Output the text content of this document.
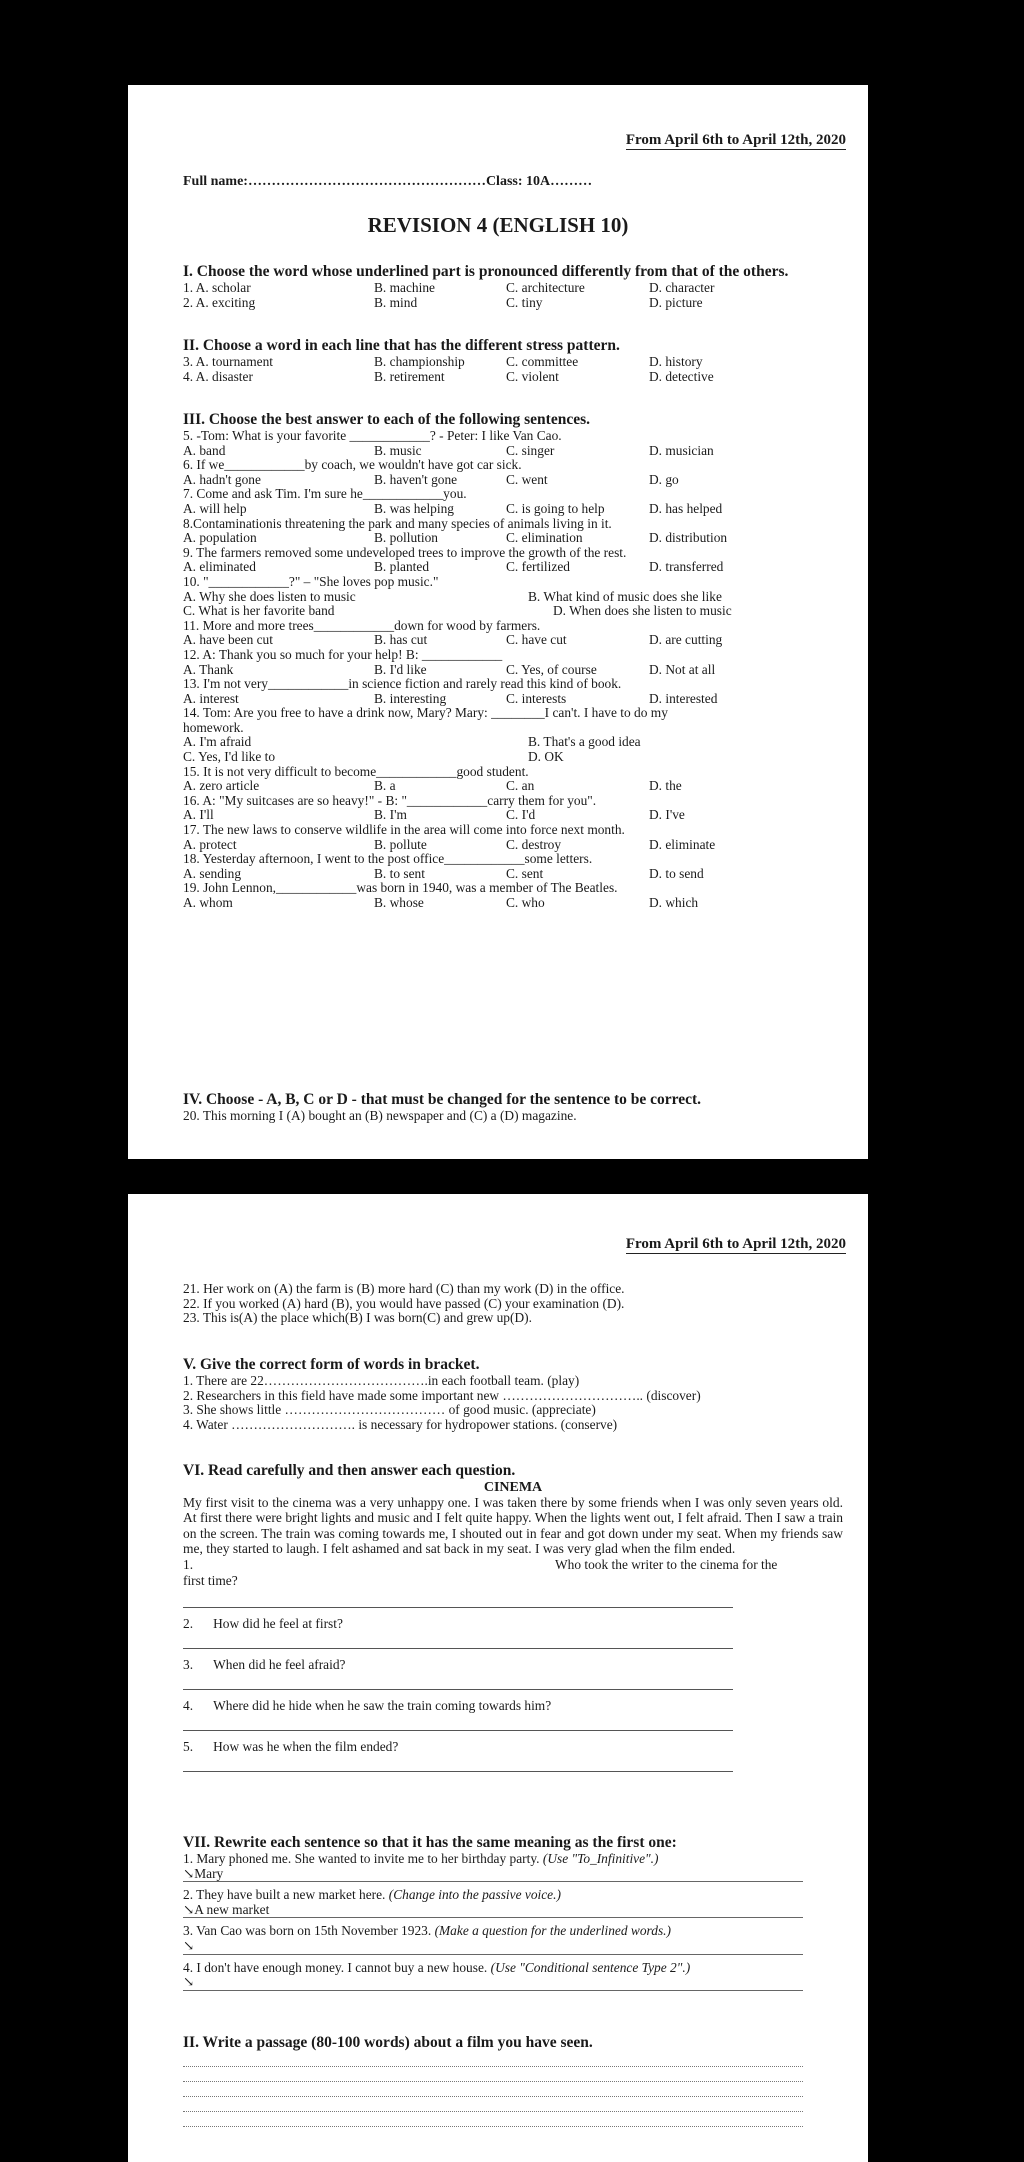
From April 6th to April 12th, 2020
Full name:……………………………………………Class: 10A………
REVISION 4 (ENGLISH 10)
I. Choose the word whose underlined part is pronounced differently from that of the others.
1. A. scholar	B. machine	C. architecture	D. character
2. A. exciting	B. mind	C. tiny	D. picture
II. Choose a word in each line that has the different stress pattern.
3. A. tournament	B. championship	C. committee	D. history
4. A. disaster	B. retirement	C. violent	D. detective
III. Choose the best answer to each of the following sentences.
5. -Tom: What is your favorite ____________? - Peter: I like Van Cao.
A. band	B. music	C. singer	D. musician
6. If we____________by coach, we wouldn't have got car sick.
A. hadn't gone	B. haven't gone	C. went	D. go
7. Come and ask Tim. I'm sure he____________you.
A. will help	B. was helping	C. is going to help	D. has helped
8.Contaminationis threatening the park and many species of animals living in it.
A. population	B. pollution	C. elimination	D. distribution
9. The farmers removed some undeveloped trees to improve the growth of the rest.
A. eliminated	B. planted	C. fertilized	D. transferred
10. "____________?" – "She loves pop music."
A. Why she does listen to music	B. What kind of music does she like
C. What is her favorite band	D. When does she listen to music
11. More and more trees____________down for wood by farmers.
A. have been cut	B. has cut	C. have cut	D. are cutting
12. A: Thank you so much for your help! B: ____________
A. Thank	B. I'd like	C. Yes, of course	D. Not at all
13. I'm not very____________in science fiction and rarely read this kind of book.
A. interest	B. interesting	C. interests	D. interested
14. Tom: Are you free to have a drink now, Mary? Mary: ________I can't. I have to do my
homework.
A. I'm afraid	B. That's a good idea
C. Yes, I'd like to	D. OK
15. It is not very difficult to become____________good student.
A. zero article	B. a	C. an	D. the
16. A: "My suitcases are so heavy!" - B: "____________carry them for you".
A. I'll	B. I'm	C. I'd	D. I've
17. The new laws to conserve wildlife in the area will come into force next month.
A. protect	B. pollute	C. destroy	D. eliminate
18. Yesterday afternoon, I went to the post office____________some letters.
A. sending	B. to sent	C. sent	D. to send
19. John Lennon,____________was born in 1940, was a member of The Beatles.
A. whom	B. whose	C. who	D. which
IV. Choose - A, B, C or D - that must be changed for the sentence to be correct.
20. This morning I (A) bought an (B) newspaper and (C) a (D) magazine.
From April 6th to April 12th, 2020
21. Her work on (A) the farm is (B) more hard (C) than my work (D) in the office.
22. If you worked (A) hard (B), you would have passed (C) your examination (D).
23. This is(A) the place which(B) I was born(C) and grew up(D).
V. Give the correct form of words in bracket.
1. There are 22……………………………….in each football team. (play)
2. Researchers in this field have made some important new ………………………….. (discover)
3. She shows little ……………………………… of good music. (appreciate)
4. Water ………………………. is necessary for hydropower stations. (conserve)
VI. Read carefully and then answer each question.
CINEMA
My first visit to the cinema was a very unhappy one. I was taken there by some friends when I was only seven years old. At first there were bright lights and music and I felt quite happy. When the lights went out, I felt afraid. Then I saw a train on the screen. The train was coming towards me, I shouted out in fear and got down under my seat. When my friends saw me, they started to laugh. I felt ashamed and sat back in my seat. I was very glad when the film ended.
1.	Who took the writer to the cinema for the
first time?
2. How did he feel at first?
3. When did he feel afraid?
4. Where did he hide when he saw the train coming towards him?
5. How was he when the film ended?
VII. Rewrite each sentence so that it has the same meaning as the first one:
1. Mary phoned me. She wanted to invite me to her birthday party. (Use "To_Infinitive".)
↘Mary
2. They have built a new market here. (Change into the passive voice.)
↘A new market
3. Van Cao was born on 15th November 1923. (Make a question for the underlined words.)
↘
4. I don't have enough money. I cannot buy a new house. (Use "Conditional sentence Type 2".)
↘
II. Write a passage (80-100 words) about a film you have seen.
